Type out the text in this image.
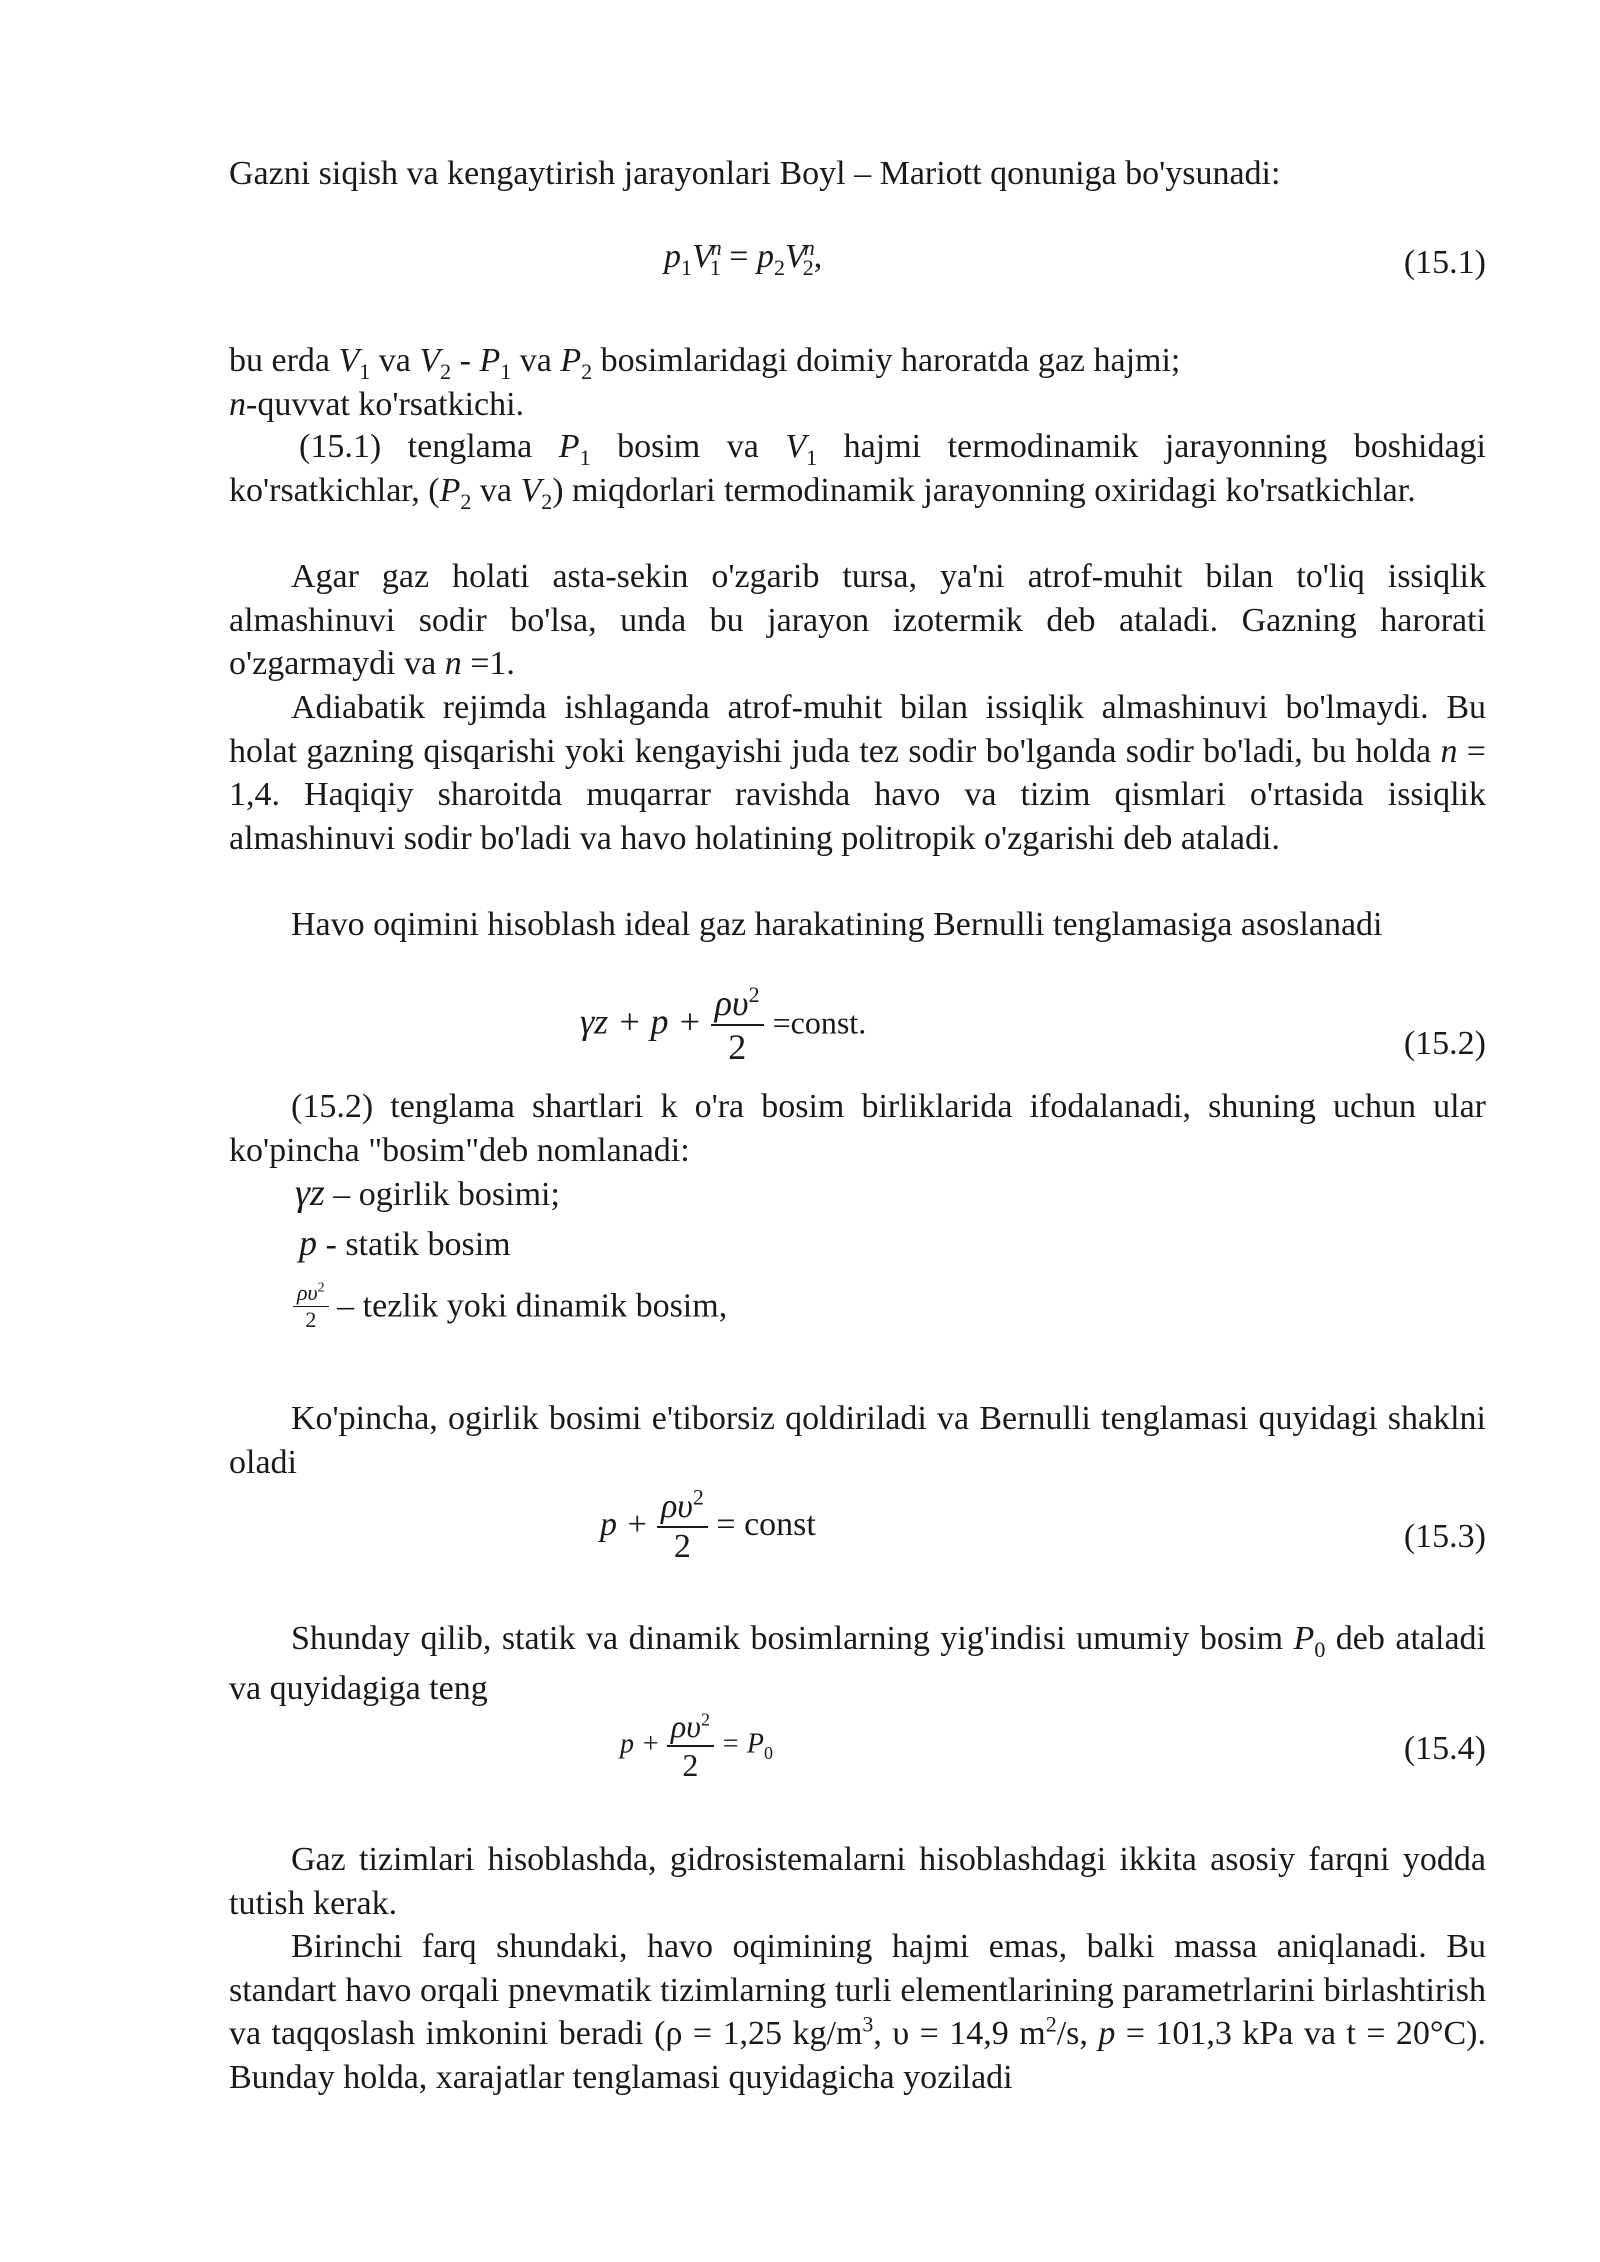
Gazni siqish va kengaytirish jarayonlari Boyl – Mariott qonuniga bo'ysunadi:

$p_1V^n_1 = p_2V^n_2$,	(15.1)

bu erda $V_1$ va $V_2 - P_1$ va $P_2$ bosimlaridagi doimiy haroratda gaz hajmi;
n-quvvat ko'rsatkichi.

(15.1) tenglama $P_1$ bosim va $V_1$ hajmi termodinamik jarayonning boshidagi ko'rsatkichlar, ($P_2$ va $V_2$) miqdorlari termodinamik jarayonning oxiridagi ko'rsatkichlar.

Agar gaz holati asta-sekin o'zgarib tursa, ya'ni atrof-muhit bilan to'liq issiqlik almashinuvi sodir bo'lsa, unda bu jarayon izotermik deb ataladi. Gazning harorati o'zgarmaydi va n =1.

Adiabatik rejimda ishlaganda atrof-muhit bilan issiqlik almashinuvi bo'lmaydi. Bu holat gazning qisqarishi yoki kengayishi juda tez sodir bo'lganda sodir bo'ladi, bu holda n = 1,4. Haqiqiy sharoitda muqarrar ravishda havo va tizim qismlari o'rtasida issiqlik almashinuvi sodir bo'ladi va havo holatining politropik o'zgarishi deb ataladi.

Havo oqimini hisoblash ideal gaz harakatining Bernulli tenglamasiga asoslanadi

$\gamma z + p + \frac{\rho\upsilon^2}{2}$ =const.
(15.2)

(15.2) tenglama shartlari k o'ra bosim birliklarida ifodalanadi, shuning uchun ular ko'pincha "bosim"deb nomlanadi:

γz – ogirlik bosimi;
p - statik bosim
$\frac{\rho\upsilon^2}{2}$ – tezlik yoki dinamik bosim,

Ko'pincha, ogirlik bosimi e'tiborsiz qoldiriladi va Bernulli tenglamasi quyidagi shaklni oladi

$p + \frac{\rho\upsilon^2}{2}$ = const	(15.3)

Shunday qilib, statik va dinamik bosimlarning yig'indisi umumiy bosim $P_0$ deb ataladi va quyidagiga teng

$p + \frac{\rho\upsilon^2}{2} = P_0$	(15.4)

Gaz tizimlari hisoblashda, gidrosistemalarni hisoblashdagi ikkita asosiy farqni yodda tutish kerak.

Birinchi farq shundaki, havo oqimining hajmi emas, balki massa aniqlanadi. Bu standart havo orqali pnevmatik tizimlarning turli elementlarining parametrlarini birlashtirish va taqqoslash imkonini beradi (ρ = 1,25 $kg/m^3$, υ = 14,9 $m^2/s$, p = 101,3 kPa va t = 20°C). Bunday holda, xarajatlar tenglamasi quyidagicha yoziladi
